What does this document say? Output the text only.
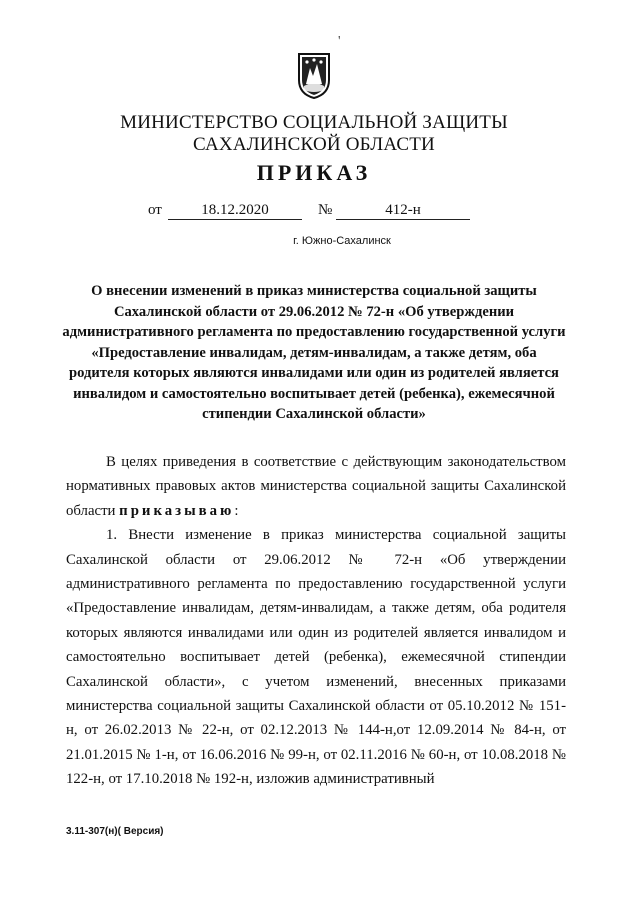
'
МИНИСТЕРСТВО СОЦИАЛЬНОЙ ЗАЩИТЫ
САХАЛИНСКОЙ ОБЛАСТИ
ПРИКАЗ
от	18.12.2020	№	412-н
г. Южно-Сахалинск
О внесении изменений в приказ министерства социальной защиты Сахалинской области от 29.06.2012 № 72-н «Об утверждении административного регламента по предоставлению государственной услуги «Предоставление инвалидам, детям-инвалидам, а также детям, оба родителя которых являются инвалидами или один из родителей является инвалидом и самостоятельно воспитывает детей (ребенка), ежемесячной стипендии Сахалинской области»

В целях приведения в соответствие с действующим законодательством нормативных правовых актов министерства социальной защиты Сахалинской области приказываю:

1. Внести изменение в приказ министерства социальной защиты Сахалинской области от 29.06.2012 № 72-н «Об утверждении административного регламента по предоставлению государственной услуги «Предоставление инвалидам, детям-инвалидам, а также детям, оба родителя которых являются инвалидами или один из родителей является инвалидом и самостоятельно воспитывает детей (ребенка), ежемесячной стипендии Сахалинской области», с учетом изменений, внесенных приказами министерства социальной защиты Сахалинской области от 05.10.2012 № 151-н, от 26.02.2013 № 22-н, от 02.12.2013 № 144-н,от 12.09.2014 № 84-н, от 21.01.2015 № 1-н, от 16.06.2016 № 99-н, от 02.11.2016 № 60-н, от 10.08.2018 № 122-н, от 17.10.2018 № 192-н, изложив административный

3.11-307(н)( Версия)
